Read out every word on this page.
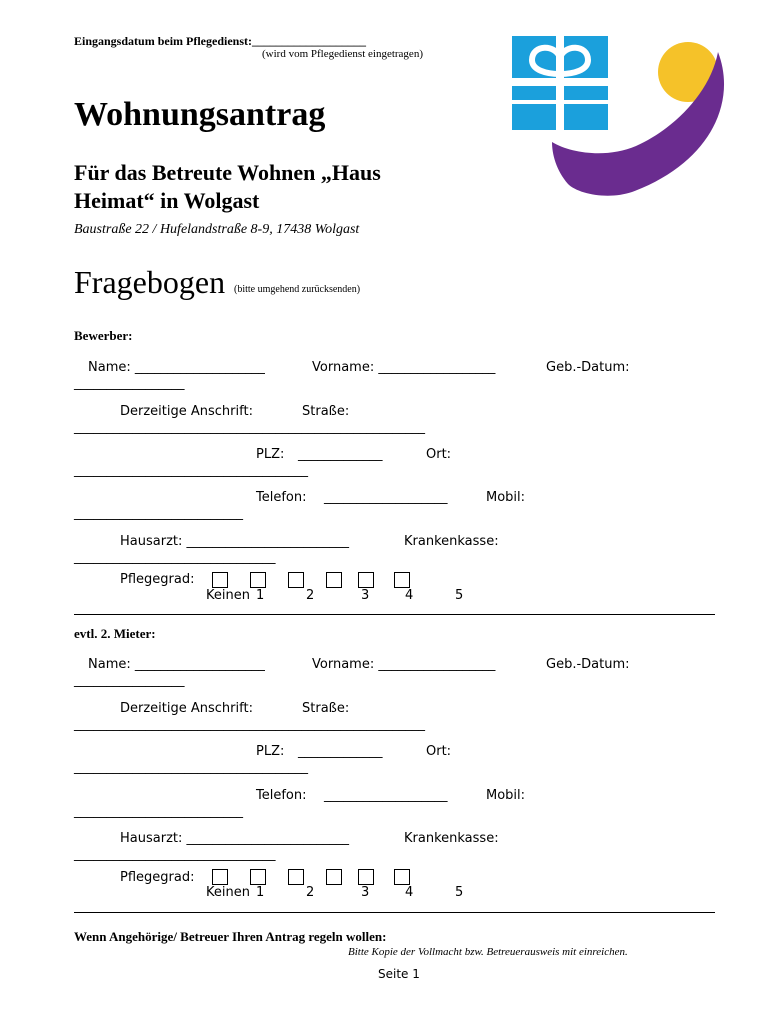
Eingangsdatum beim Pflegedienst:___________________
(wird vom Pflegedienst eingetragen)
Wohnungsantrag
Für das Betreute Wohnen „Haus
Heimat“ in Wolgast
Baustraße 22 / Hufelandstraße 8-9, 17438 Wolgast
Fragebogen (bitte umgehend zurücksenden)
Bewerber:
Name: ____________________	Vorname: __________________	Geb.-Datum:
_________________
Derzeitige Anschrift:	Straße:
______________________________________________________
PLZ: _____________	Ort:
____________________________________
Telefon: ___________________	Mobil:
__________________________
Hausarzt: _________________________	Krankenkasse:
_______________________________
Pflegegrad:
Keinen 1	2	3	4	5
evtl. 2. Mieter:
Name: ____________________	Vorname: __________________	Geb.-Datum:
_________________
Derzeitige Anschrift:	Straße:
______________________________________________________
PLZ: _____________	Ort:
____________________________________
Telefon: ___________________	Mobil:
__________________________
Hausarzt: _________________________	Krankenkasse:
_______________________________
Pflegegrad:
Keinen 1	2	3	4	5
Wenn Angehörige/ Betreuer Ihren Antrag regeln wollen:
Bitte Kopie der Vollmacht bzw. Betreuerausweis mit einreichen.
Seite 1
